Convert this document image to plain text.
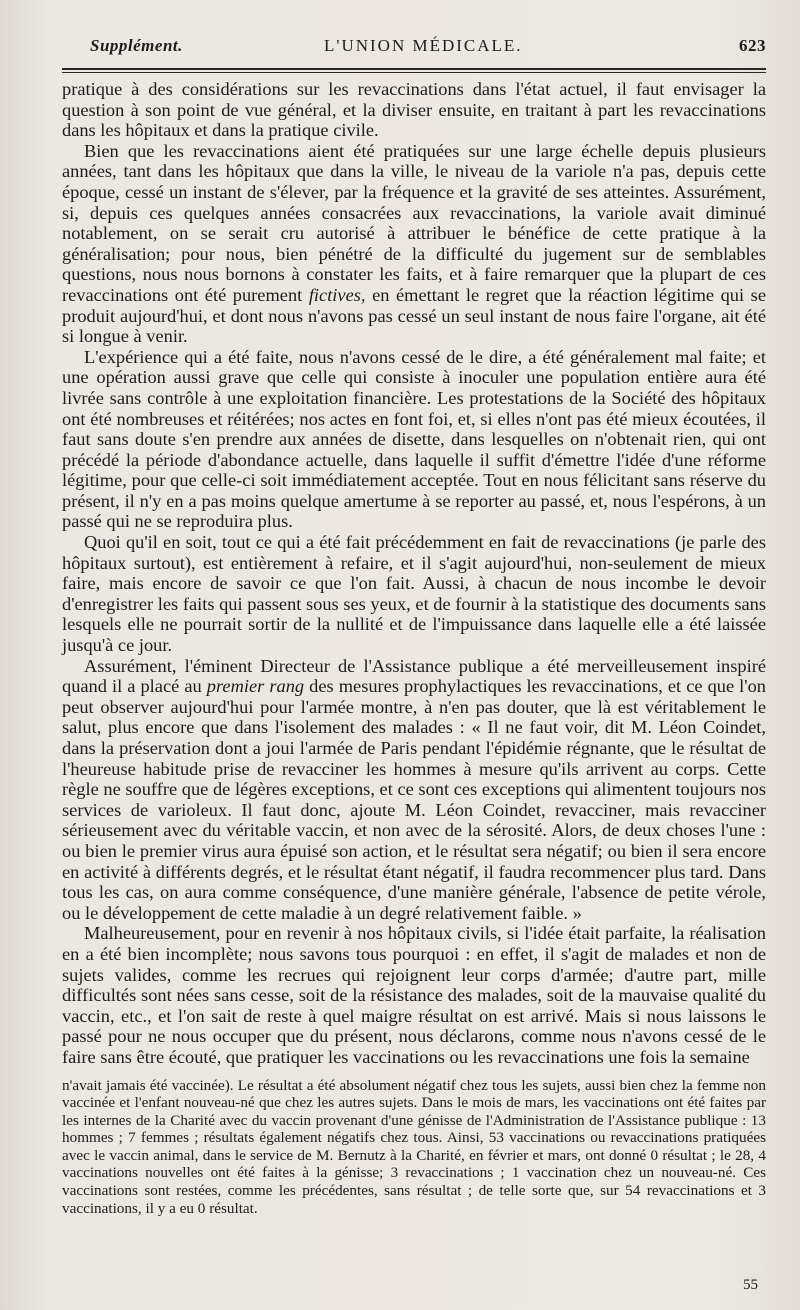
Supplément.	L'UNION MÉDICALE.	623

pratique à des considérations sur les revaccinations dans l'état actuel, il faut envisager la question à son point de vue général, et la diviser ensuite, en traitant à part les revaccinations dans les hôpitaux et dans la pratique civile.

Bien que les revaccinations aient été pratiquées sur une large échelle depuis plusieurs années, tant dans les hôpitaux que dans la ville, le niveau de la variole n'a pas, depuis cette époque, cessé un instant de s'élever, par la fréquence et la gravité de ses atteintes. Assurément, si, depuis ces quelques années consacrées aux revaccinations, la variole avait diminué notablement, on se serait cru autorisé à attribuer le bénéfice de cette pratique à la généralisation; pour nous, bien pénétré de la difficulté du jugement sur de semblables questions, nous nous bornons à constater les faits, et à faire remarquer que la plupart de ces revaccinations ont été purement fictives, en émettant le regret que la réaction légitime qui se produit aujourd'hui, et dont nous n'avons pas cessé un seul instant de nous faire l'organe, ait été si longue à venir.

L'expérience qui a été faite, nous n'avons cessé de le dire, a été généralement mal faite; et une opération aussi grave que celle qui consiste à inoculer une population entière aura été livrée sans contrôle à une exploitation financière. Les protestations de la Société des hôpitaux ont été nombreuses et réitérées; nos actes en font foi, et, si elles n'ont pas été mieux écoutées, il faut sans doute s'en prendre aux années de disette, dans lesquelles on n'obtenait rien, qui ont précédé la période d'abondance actuelle, dans laquelle il suffit d'émettre l'idée d'une réforme légitime, pour que celle-ci soit immédiatement acceptée. Tout en nous félicitant sans réserve du présent, il n'y en a pas moins quelque amertume à se reporter au passé, et, nous l'espérons, à un passé qui ne se reproduira plus.

Quoi qu'il en soit, tout ce qui a été fait précédemment en fait de revaccinations (je parle des hôpitaux surtout), est entièrement à refaire, et il s'agit aujourd'hui, non-seulement de mieux faire, mais encore de savoir ce que l'on fait. Aussi, à chacun de nous incombe le devoir d'enregistrer les faits qui passent sous ses yeux, et de fournir à la statistique des documents sans lesquels elle ne pourrait sortir de la nullité et de l'impuissance dans laquelle elle a été laissée jusqu'à ce jour.

Assurément, l'éminent Directeur de l'Assistance publique a été merveilleusement inspiré quand il a placé au premier rang des mesures prophylactiques les revaccinations, et ce que l'on peut observer aujourd'hui pour l'armée montre, à n'en pas douter, que là est véritablement le salut, plus encore que dans l'isolement des malades : « Il ne faut voir, dit M. Léon Coindet, dans la préservation dont a joui l'armée de Paris pendant l'épidémie régnante, que le résultat de l'heureuse habitude prise de revacciner les hommes à mesure qu'ils arrivent au corps. Cette règle ne souffre que de légères exceptions, et ce sont ces exceptions qui alimentent toujours nos services de varioleux. Il faut donc, ajoute M. Léon Coindet, revacciner, mais revacciner sérieusement avec du véritable vaccin, et non avec de la sérosité. Alors, de deux choses l'une : ou bien le premier virus aura épuisé son action, et le résultat sera négatif; ou bien il sera encore en activité à différents degrés, et le résultat étant négatif, il faudra recommencer plus tard. Dans tous les cas, on aura comme conséquence, d'une manière générale, l'absence de petite vérole, ou le développement de cette maladie à un degré relativement faible. »

Malheureusement, pour en revenir à nos hôpitaux civils, si l'idée était parfaite, la réalisation en a été bien incomplète; nous savons tous pourquoi : en effet, il s'agit de malades et non de sujets valides, comme les recrues qui rejoignent leur corps d'armée; d'autre part, mille difficultés sont nées sans cesse, soit de la résistance des malades, soit de la mauvaise qualité du vaccin, etc., et l'on sait de reste à quel maigre résultat on est arrivé. Mais si nous laissons le passé pour ne nous occuper que du présent, nous déclarons, comme nous n'avons cessé de le faire sans être écouté, que pratiquer les vaccinations ou les revaccinations une fois la semaine

n'avait jamais été vaccinée). Le résultat a été absolument négatif chez tous les sujets, aussi bien chez la femme non vaccinée et l'enfant nouveau-né que chez les autres sujets. Dans le mois de mars, les vaccinations ont été faites par les internes de la Charité avec du vaccin provenant d'une génisse de l'Administration de l'Assistance publique : 13 hommes ; 7 femmes ; résultats également négatifs chez tous. Ainsi, 53 vaccinations ou revaccinations pratiquées avec le vaccin animal, dans le service de M. Bernutz à la Charité, en février et mars, ont donné 0 résultat ; le 28, 4 vaccinations nouvelles ont été faites à la génisse; 3 revaccinations ; 1 vaccination chez un nouveau-né. Ces vaccinations sont restées, comme les précédentes, sans résultat ; de telle sorte que, sur 54 revaccinations et 3 vaccinations, il y a eu 0 résultat.

55
